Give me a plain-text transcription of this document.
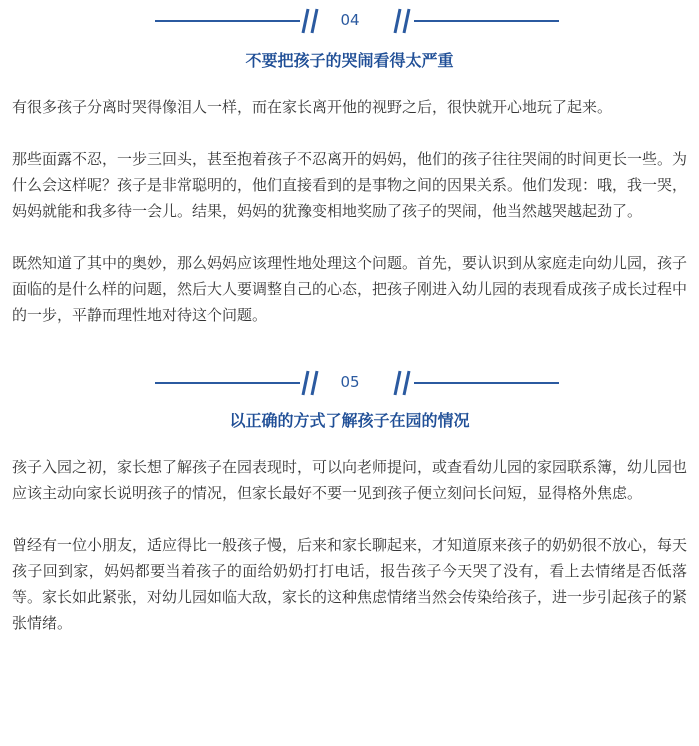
04
不要把孩子的哭闹看得太严重

有很多孩子分离时哭得像泪人一样，而在家长离开他的视野之后，很快就开心地玩了起来。

那些面露不忍，一步三回头，甚至抱着孩子不忍离开的妈妈，他们的孩子往往哭闹的时间更长一些。为什么会这样呢？孩子是非常聪明的，他们直接看到的是事物之间的因果关系。他们发现：哦，我一哭，妈妈就能和我多待一会儿。结果，妈妈的犹豫变相地奖励了孩子的哭闹，他当然越哭越起劲了。

既然知道了其中的奥妙，那么妈妈应该理性地处理这个问题。首先，要认识到从家庭走向幼儿园，孩子面临的是什么样的问题，然后大人要调整自己的心态，把孩子刚进入幼儿园的表现看成孩子成长过程中的一步，平静而理性地对待这个问题。

05
以正确的方式了解孩子在园的情况

孩子入园之初，家长想了解孩子在园表现时，可以向老师提问，或查看幼儿园的家园联系簿，幼儿园也应该主动向家长说明孩子的情况，但家长最好不要一见到孩子便立刻问长问短，显得格外焦虑。

曾经有一位小朋友，适应得比一般孩子慢，后来和家长聊起来，才知道原来孩子的奶奶很不放心，每天孩子回到家，妈妈都要当着孩子的面给奶奶打打电话，报告孩子今天哭了没有，看上去情绪是否低落等。家长如此紧张，对幼儿园如临大敌，家长的这种焦虑情绪当然会传染给孩子，进一步引起孩子的紧张情绪。
